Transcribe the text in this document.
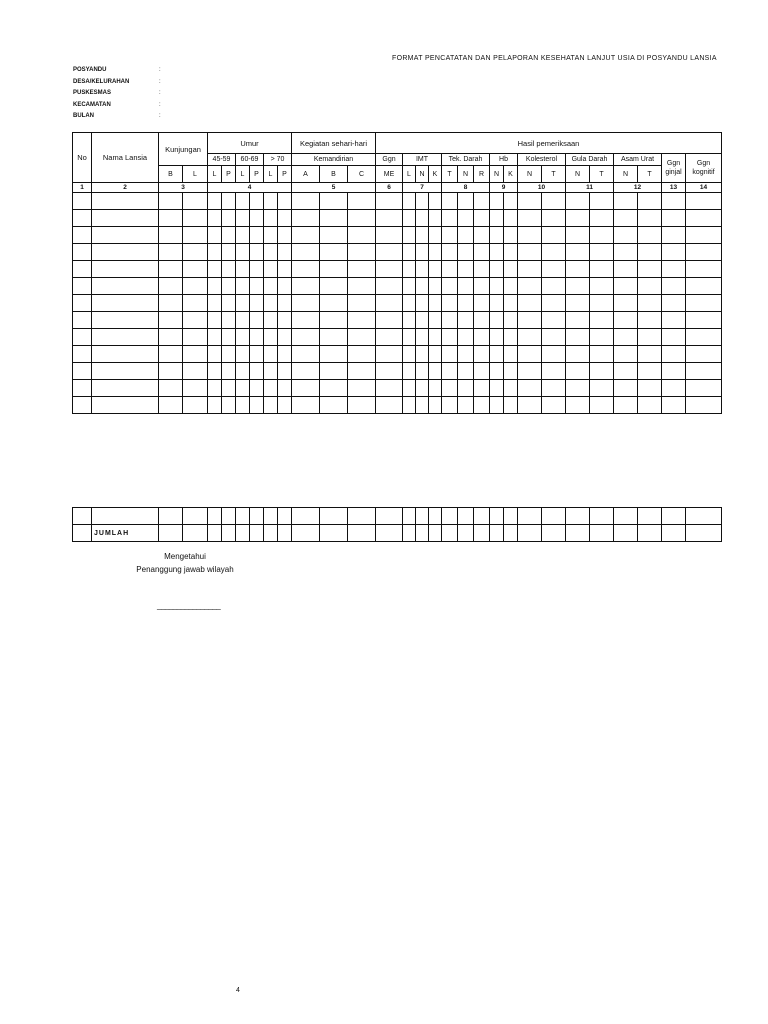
FORMAT PENCATATAN DAN PELAPORAN KESEHATAN LANJUT USIA DI POSYANDU LANSIA
POSYANDU	:
DESA/KELURAHAN	:
PUSKESMAS	:
KECAMATAN	:
BULAN	:
No	Nama Lansia	Kunjungan		Umur						Kegiatan sehari-hari			Hasil pemeriksaan																
				45-59		60-69		> 70		Kemandirian			Ggn	IMT			Tek. Darah			Hb		Kolesterol		Gula Darah		Asam Urat		Ggn ginjal	Ggn kognitif
		B	L	L	P	L	P	L	P	A	B	C	ME	L	N	K	T	N	R	N	K	N	T	N	T	N	T		
1	2	3		4						5			6	7			8			9		10		11		12		13	14

	JUMLAH																												
Mengetahui
Penanggung jawab wilayah
________________
4
